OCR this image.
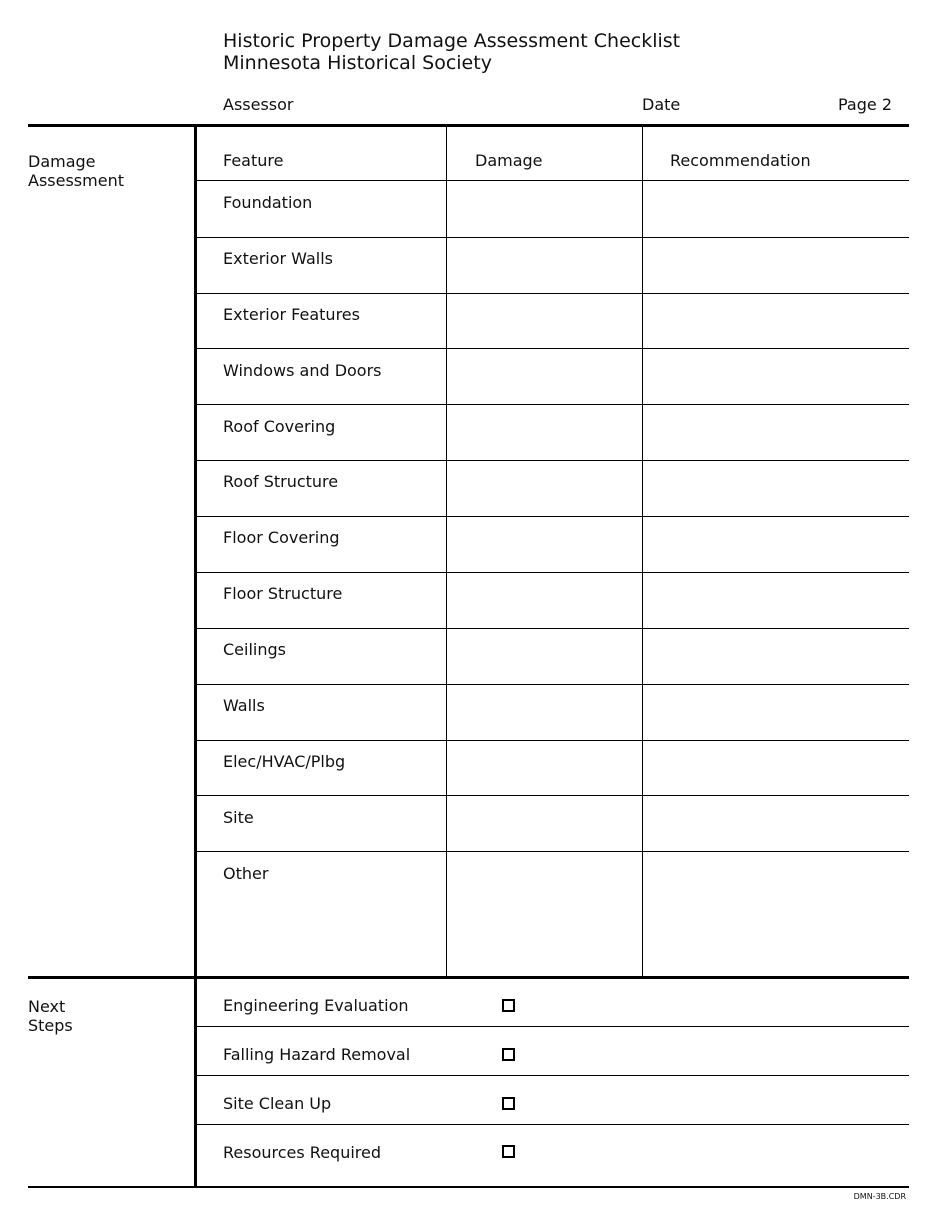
Historic Property Damage Assessment Checklist
Minnesota Historical Society
Assessor	Date	Page 2
Damage
Assessment
Feature	Damage	Recommendation
Foundation
Exterior Walls
Exterior Features
Windows and Doors
Roof Covering
Roof Structure
Floor Covering
Floor Structure
Ceilings
Walls
Elec/HVAC/Plbg
Site
Other
Next
Steps
Engineering Evaluation
Falling Hazard Removal
Site Clean Up
Resources Required
DMN-3B.CDR
